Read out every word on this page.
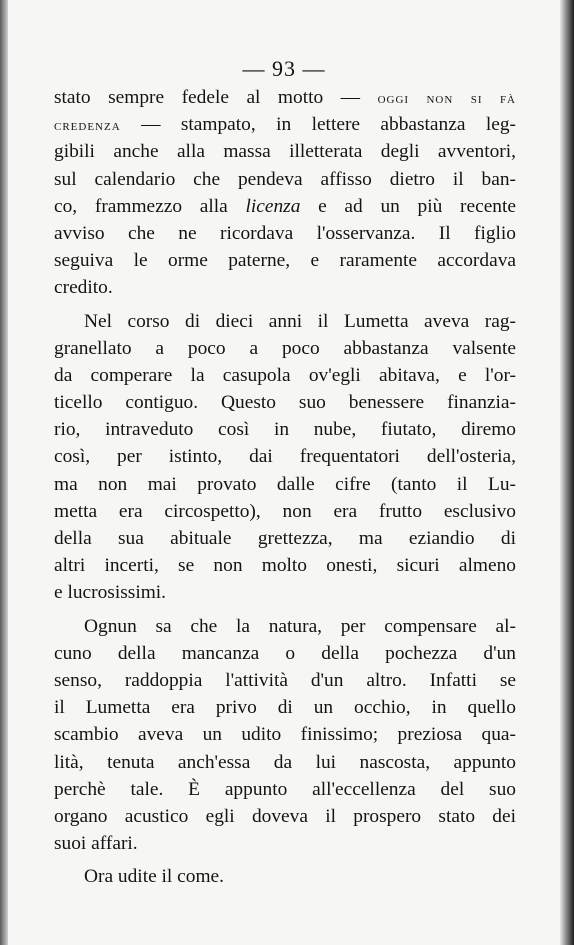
— 93 —
stato sempre fedele al motto — oggi non si fà
credenza — stampato, in lettere abbastanza leg-
gibili anche alla massa illetterata degli avventori,
sul calendario che pendeva affisso dietro il ban-
co, frammezzo alla licenza e ad un più recente
avviso che ne ricordava l'osservanza. Il figlio
seguiva le orme paterne, e raramente accordava
credito.
Nel corso di dieci anni il Lumetta aveva rag-
granellato a poco a poco abbastanza valsente
da comperare la casupola ov'egli abitava, e l'or-
ticello contiguo. Questo suo benessere finanzia-
rio, intraveduto così in nube, fiutato, diremo
così, per istinto, dai frequentatori dell'osteria,
ma non mai provato dalle cifre (tanto il Lu-
metta era circospetto), non era frutto esclusivo
della sua abituale grettezza, ma eziandio di
altri incerti, se non molto onesti, sicuri almeno
e lucrosissimi.
Ognun sa che la natura, per compensare al-
cuno della mancanza o della pochezza d'un
senso, raddoppia l'attività d'un altro. Infatti se
il Lumetta era privo di un occhio, in quello
scambio aveva un udito finissimo; preziosa qua-
lità, tenuta anch'essa da lui nascosta, appunto
perchè tale. È appunto all'eccellenza del suo
organo acustico egli doveva il prospero stato dei
suoi affari.
Ora udite il come.
